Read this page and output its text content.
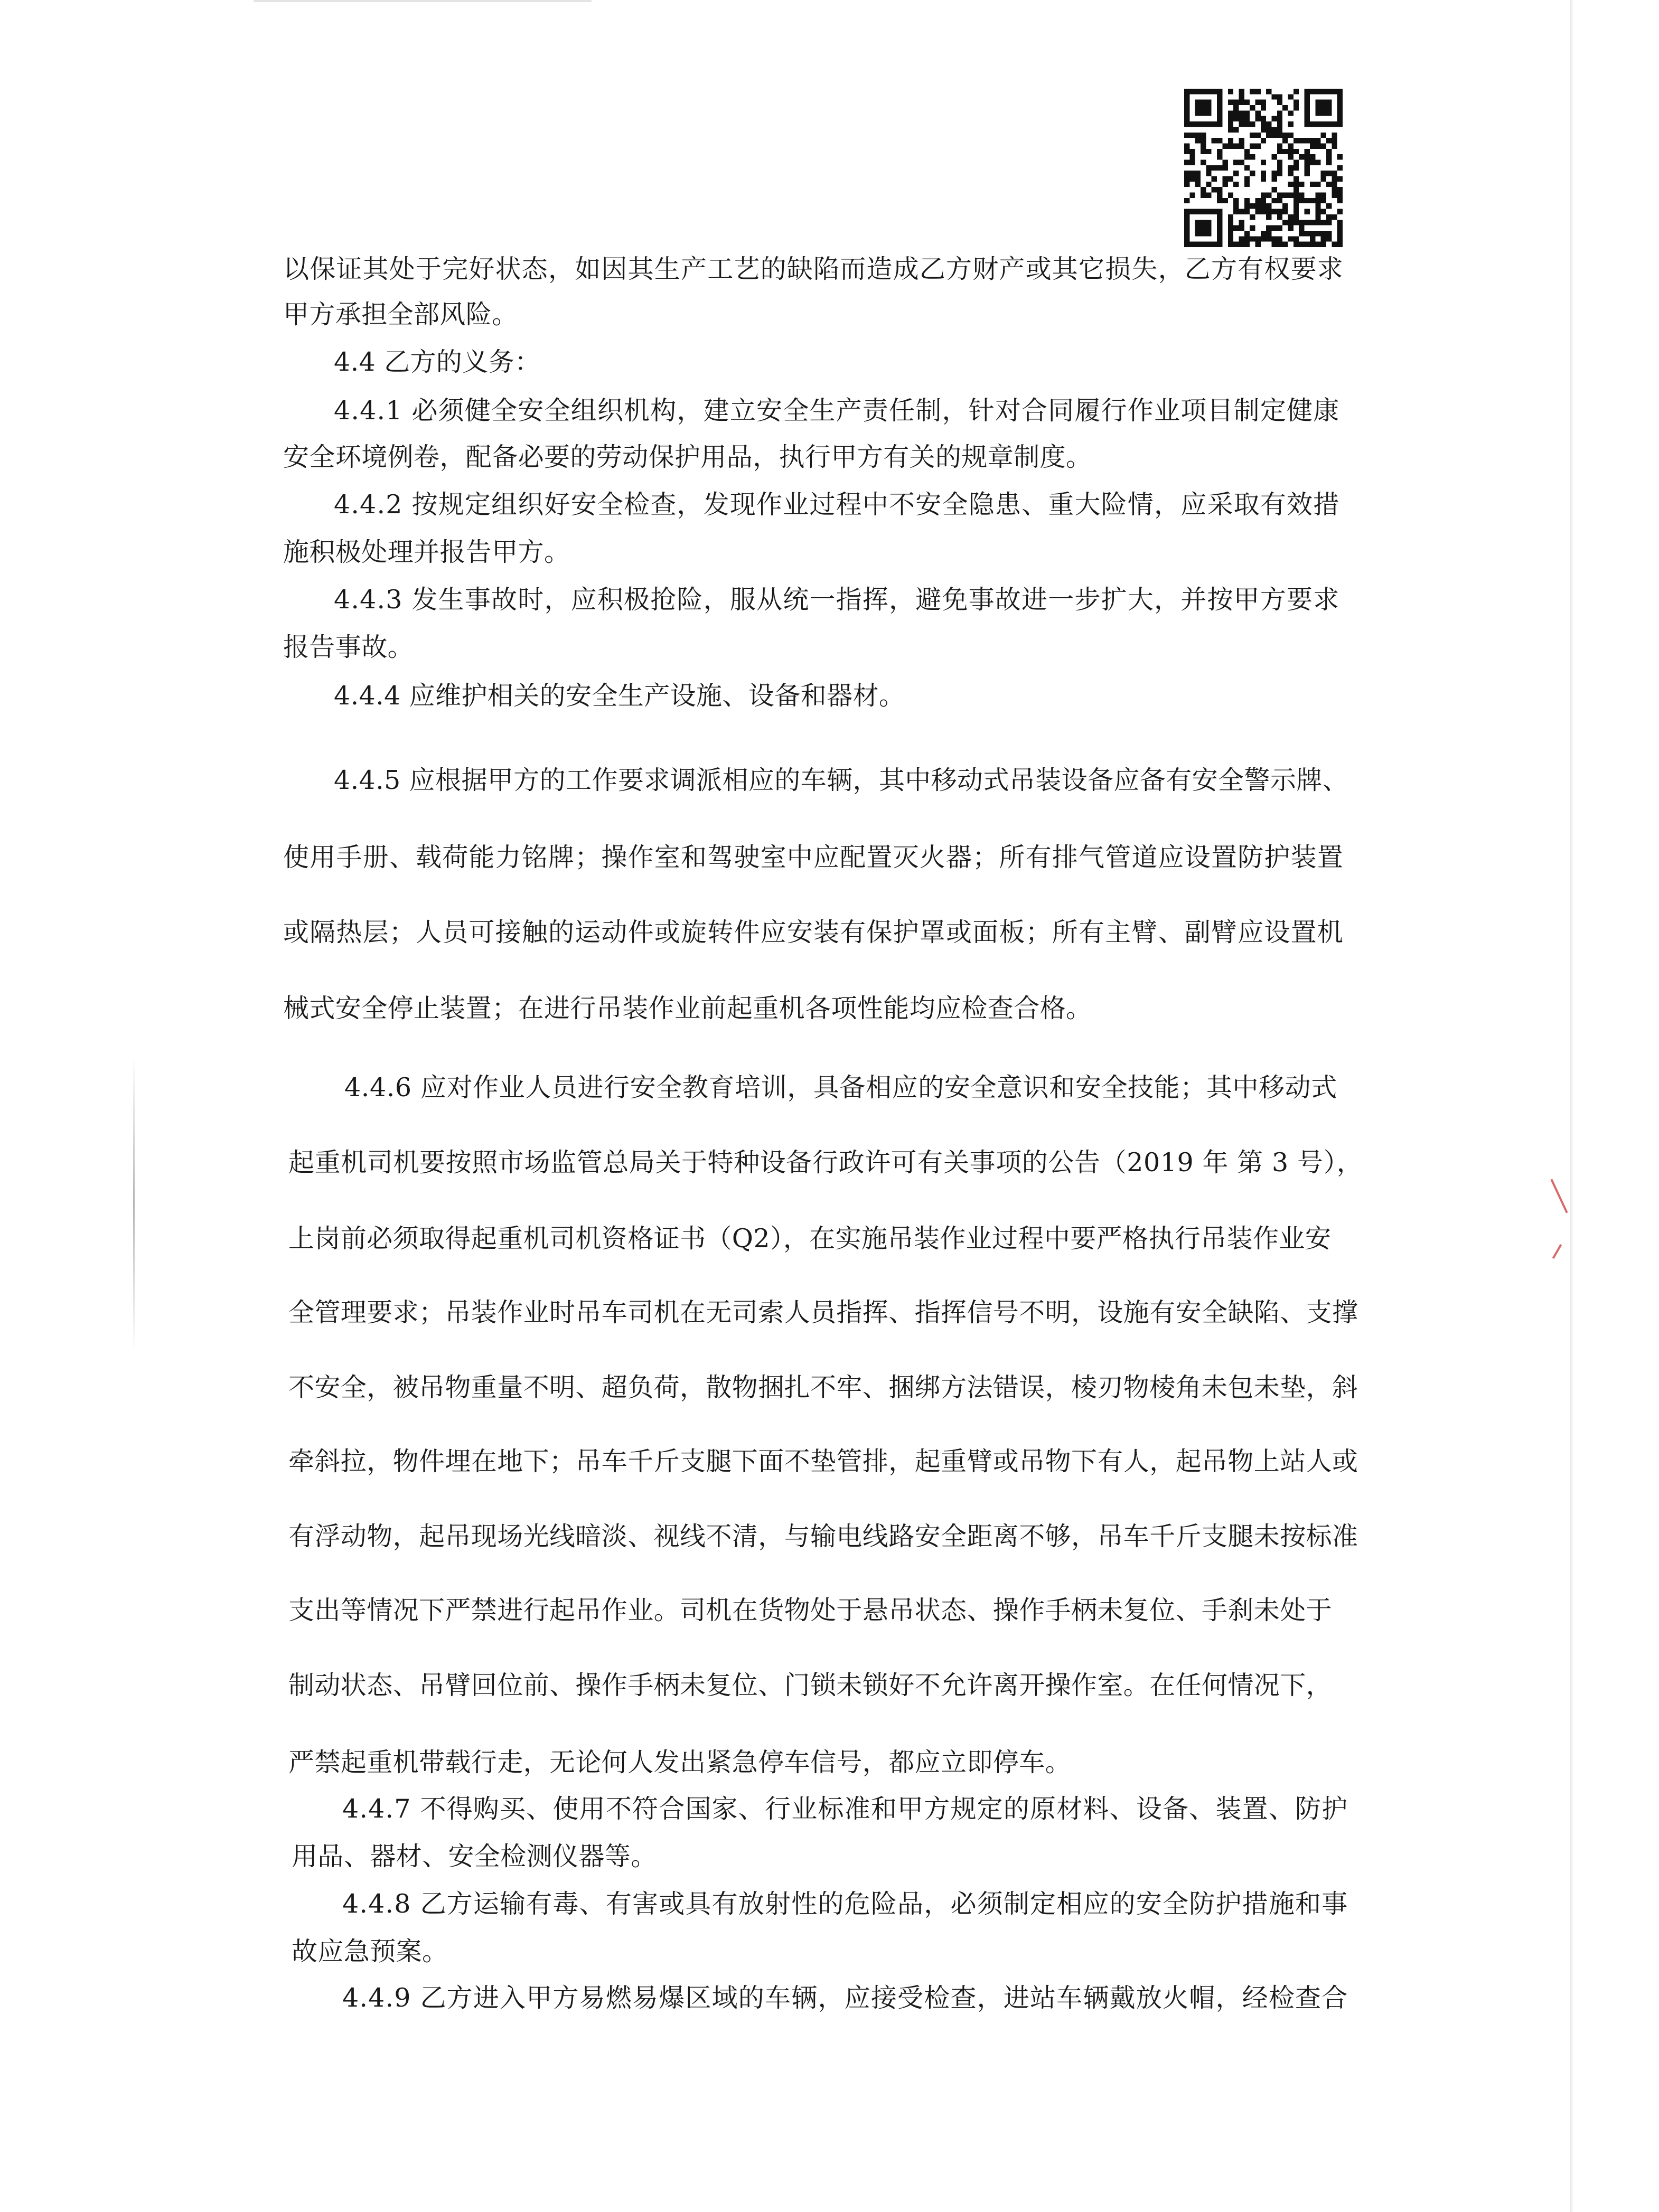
以保证其处于完好状态，如因其生产工艺的缺陷而造成乙方财产或其它损失，乙方有权要求
甲方承担全部风险。
4.4 乙方的义务：
4.4.1 必须健全安全组织机构，建立安全生产责任制，针对合同履行作业项目制定健康
安全环境例卷，配备必要的劳动保护用品，执行甲方有关的规章制度。
4.4.2 按规定组织好安全检查，发现作业过程中不安全隐患、重大险情，应采取有效措
施积极处理并报告甲方。
4.4.3 发生事故时，应积极抢险，服从统一指挥，避免事故进一步扩大，并按甲方要求
报告事故。
4.4.4 应维护相关的安全生产设施、设备和器材。
4.4.5 应根据甲方的工作要求调派相应的车辆，其中移动式吊装设备应备有安全警示牌、
使用手册、载荷能力铭牌；操作室和驾驶室中应配置灭火器；所有排气管道应设置防护装置
或隔热层；人员可接触的运动件或旋转件应安装有保护罩或面板；所有主臂、副臂应设置机
械式安全停止装置；在进行吊装作业前起重机各项性能均应检查合格。
4.4.6 应对作业人员进行安全教育培训，具备相应的安全意识和安全技能；其中移动式
起重机司机要按照市场监管总局关于特种设备行政许可有关事项的公告（2019 年 第 3 号），
上岗前必须取得起重机司机资格证书（Q2），在实施吊装作业过程中要严格执行吊装作业安
全管理要求；吊装作业时吊车司机在无司索人员指挥、指挥信号不明，设施有安全缺陷、支撑
不安全，被吊物重量不明、超负荷，散物捆扎不牢、捆绑方法错误，棱刃物棱角未包未垫，斜
牵斜拉，物件埋在地下；吊车千斤支腿下面不垫管排，起重臂或吊物下有人，起吊物上站人或
有浮动物，起吊现场光线暗淡、视线不清，与输电线路安全距离不够，吊车千斤支腿未按标准
支出等情况下严禁进行起吊作业。司机在货物处于悬吊状态、操作手柄未复位、手刹未处于
制动状态、吊臂回位前、操作手柄未复位、门锁未锁好不允许离开操作室。在任何情况下，
严禁起重机带载行走，无论何人发出紧急停车信号，都应立即停车。
4.4.7 不得购买、使用不符合国家、行业标准和甲方规定的原材料、设备、装置、防护
用品、器材、安全检测仪器等。
4.4.8 乙方运输有毒、有害或具有放射性的危险品，必须制定相应的安全防护措施和事
故应急预案。
4.4.9 乙方进入甲方易燃易爆区域的车辆，应接受检查，进站车辆戴放火帽，经检查合
